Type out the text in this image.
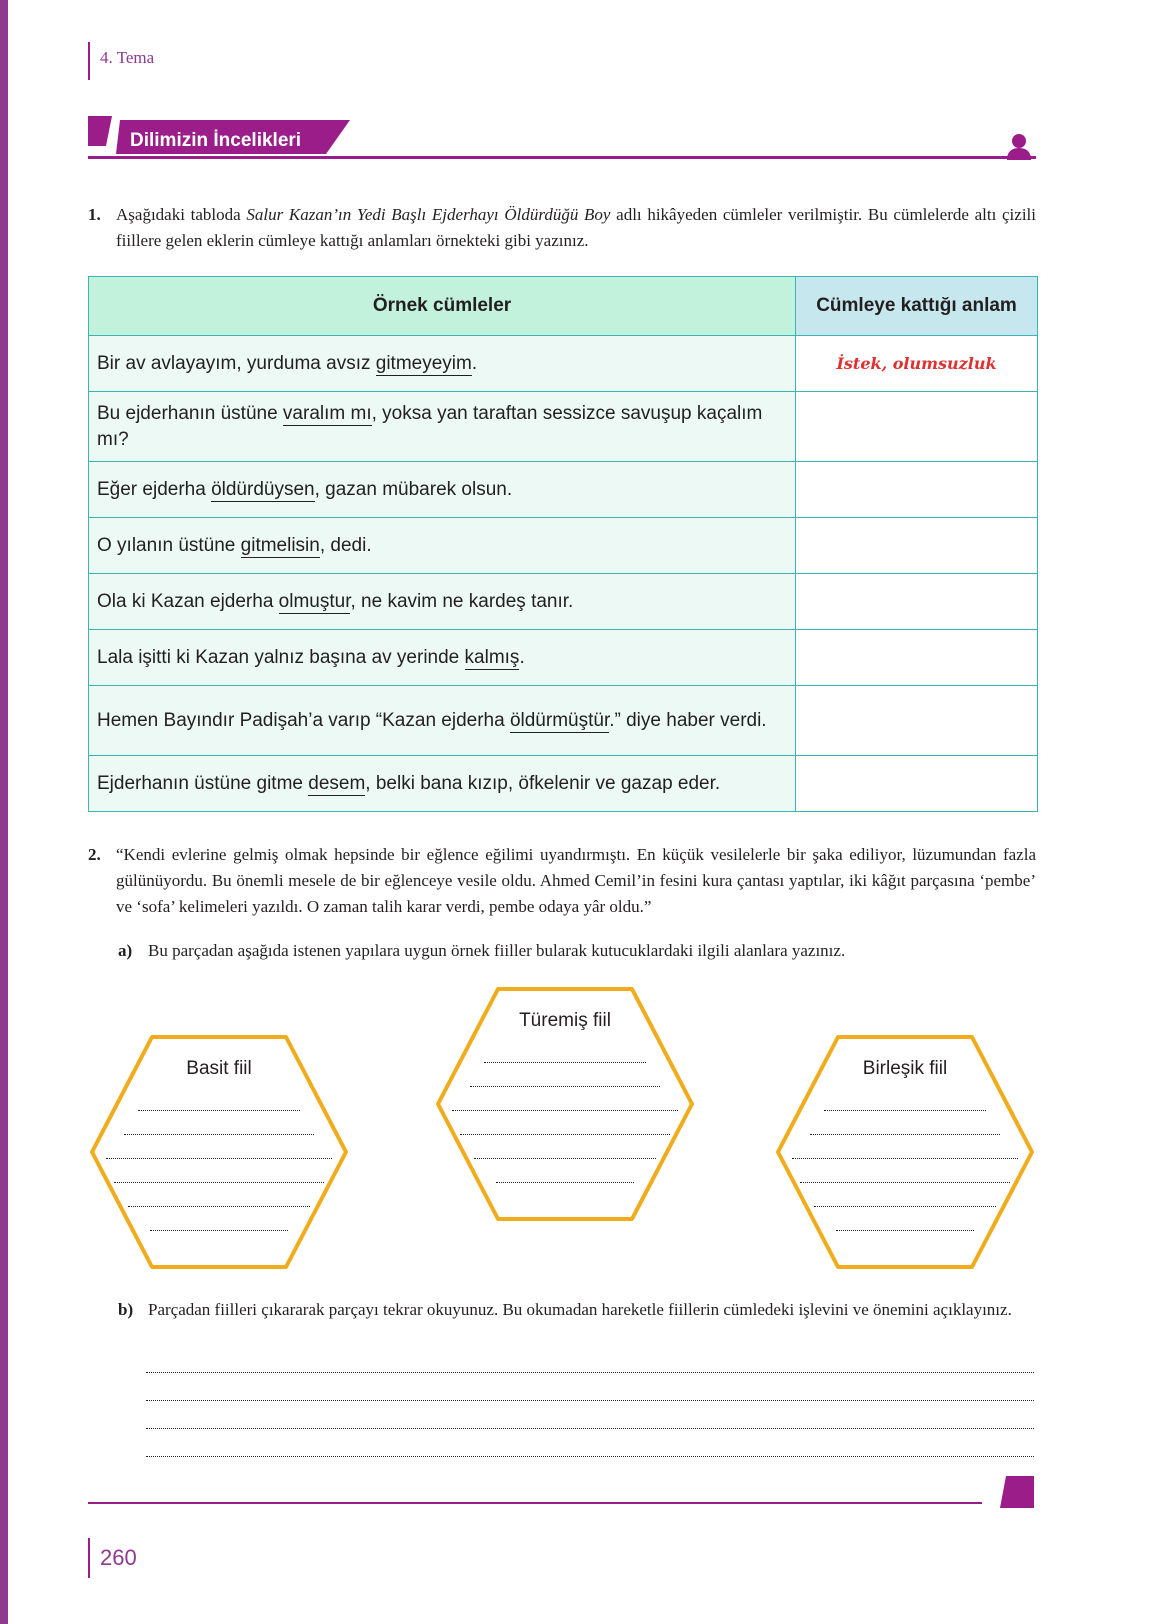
4. Tema
Dilimizin İncelikleri
1. Aşağıdaki tabloda Salur Kazan’ın Yedi Başlı Ejderhayı Öldürdüğü Boy adlı hikâyeden cümleler verilmiştir. Bu cümlelerde altı çizili fiillere gelen eklerin cümleye kattığı anlamları örnekteki gibi yazınız.
Örnek cümleler	Cümleye kattığı anlam
Bir av avlayayım, yurduma avsız gitmeyeyim.	İstek, olumsuzluk
Bu ejderhanın üstüne varalım mı, yoksa yan taraftan sessizce savuşup kaçalım mı?	
Eğer ejderha öldürdüysen, gazan mübarek olsun.	
O yılanın üstüne gitmelisin, dedi.	
Ola ki Kazan ejderha olmuştur, ne kavim ne kardeş tanır.	
Lala işitti ki Kazan yalnız başına av yerinde kalmış.	
Hemen Bayındır Padişah’a varıp “Kazan ejderha öldürmüştür.” diye haber verdi.	
Ejderhanın üstüne gitme desem, belki bana kızıp, öfkelenir ve gazap eder.	
2. “Kendi evlerine gelmiş olmak hepsinde bir eğlence eğilimi uyandırmıştı. En küçük vesilelerle bir şaka ediliyor, lüzumundan fazla gülünüyordu. Bu önemli mesele de bir eğlenceye vesile oldu. Ahmed Cemil’in fesini kura çantası yaptılar, iki kâğıt parçasına ‘pembe’ ve ‘sofa’ kelimeleri yazıldı. O zaman talih karar verdi, pembe odaya yâr oldu.”
a) Bu parçadan aşağıda istenen yapılara uygun örnek fiiller bularak kutucuklardaki ilgili alanlara yazınız.
Basit fiil
Türemiş fiil
Birleşik fiil
b) Parçadan fiilleri çıkararak parçayı tekrar okuyunuz. Bu okumadan hareketle fiillerin cümledeki işlevini ve önemini açıklayınız.
260
